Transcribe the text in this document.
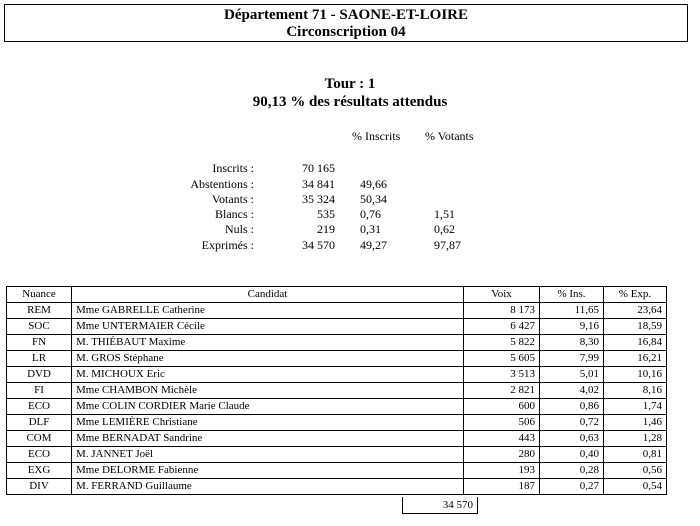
Département 71 - SAONE-ET-LOIRE
Circonscription 04
Tour : 1
90,13 % des résultats attendus
% Inscrits % Votants
Inscrits :	70 165
Abstentions :	34 841 49,66
Votants :	35 324 50,34
Blancs :	535 0,76	1,51
Nuls :	219 0,31	0,62
Exprimés :	34 570 49,27	97,87
Nuance	Candidat	Voix	% Ins.	% Exp.
REM	Mme GABRELLE Catherine	8 173	11,65	23,64
SOC	Mme UNTERMAIER Cécile	6 427	9,16	18,59
FN	M. THIÉBAUT Maxime	5 822	8,30	16,84
LR	M. GROS Stéphane	5 605	7,99	16,21
DVD	M. MICHOUX Eric	3 513	5,01	10,16
FI	Mme CHAMBON Michèle	2 821	4,02	8,16
ECO	Mme COLIN CORDIER Marie Claude	600	0,86	1,74
DLF	Mme LEMIÈRE Christiane	506	0,72	1,46
COM	Mme BERNADAT Sandrine	443	0,63	1,28
ECO	M. JANNET Joël	280	0,40	0,81
EXG	Mme DELORME Fabienne	193	0,28	0,56
DIV	M. FERRAND Guillaume	187	0,27	0,54
34 570
